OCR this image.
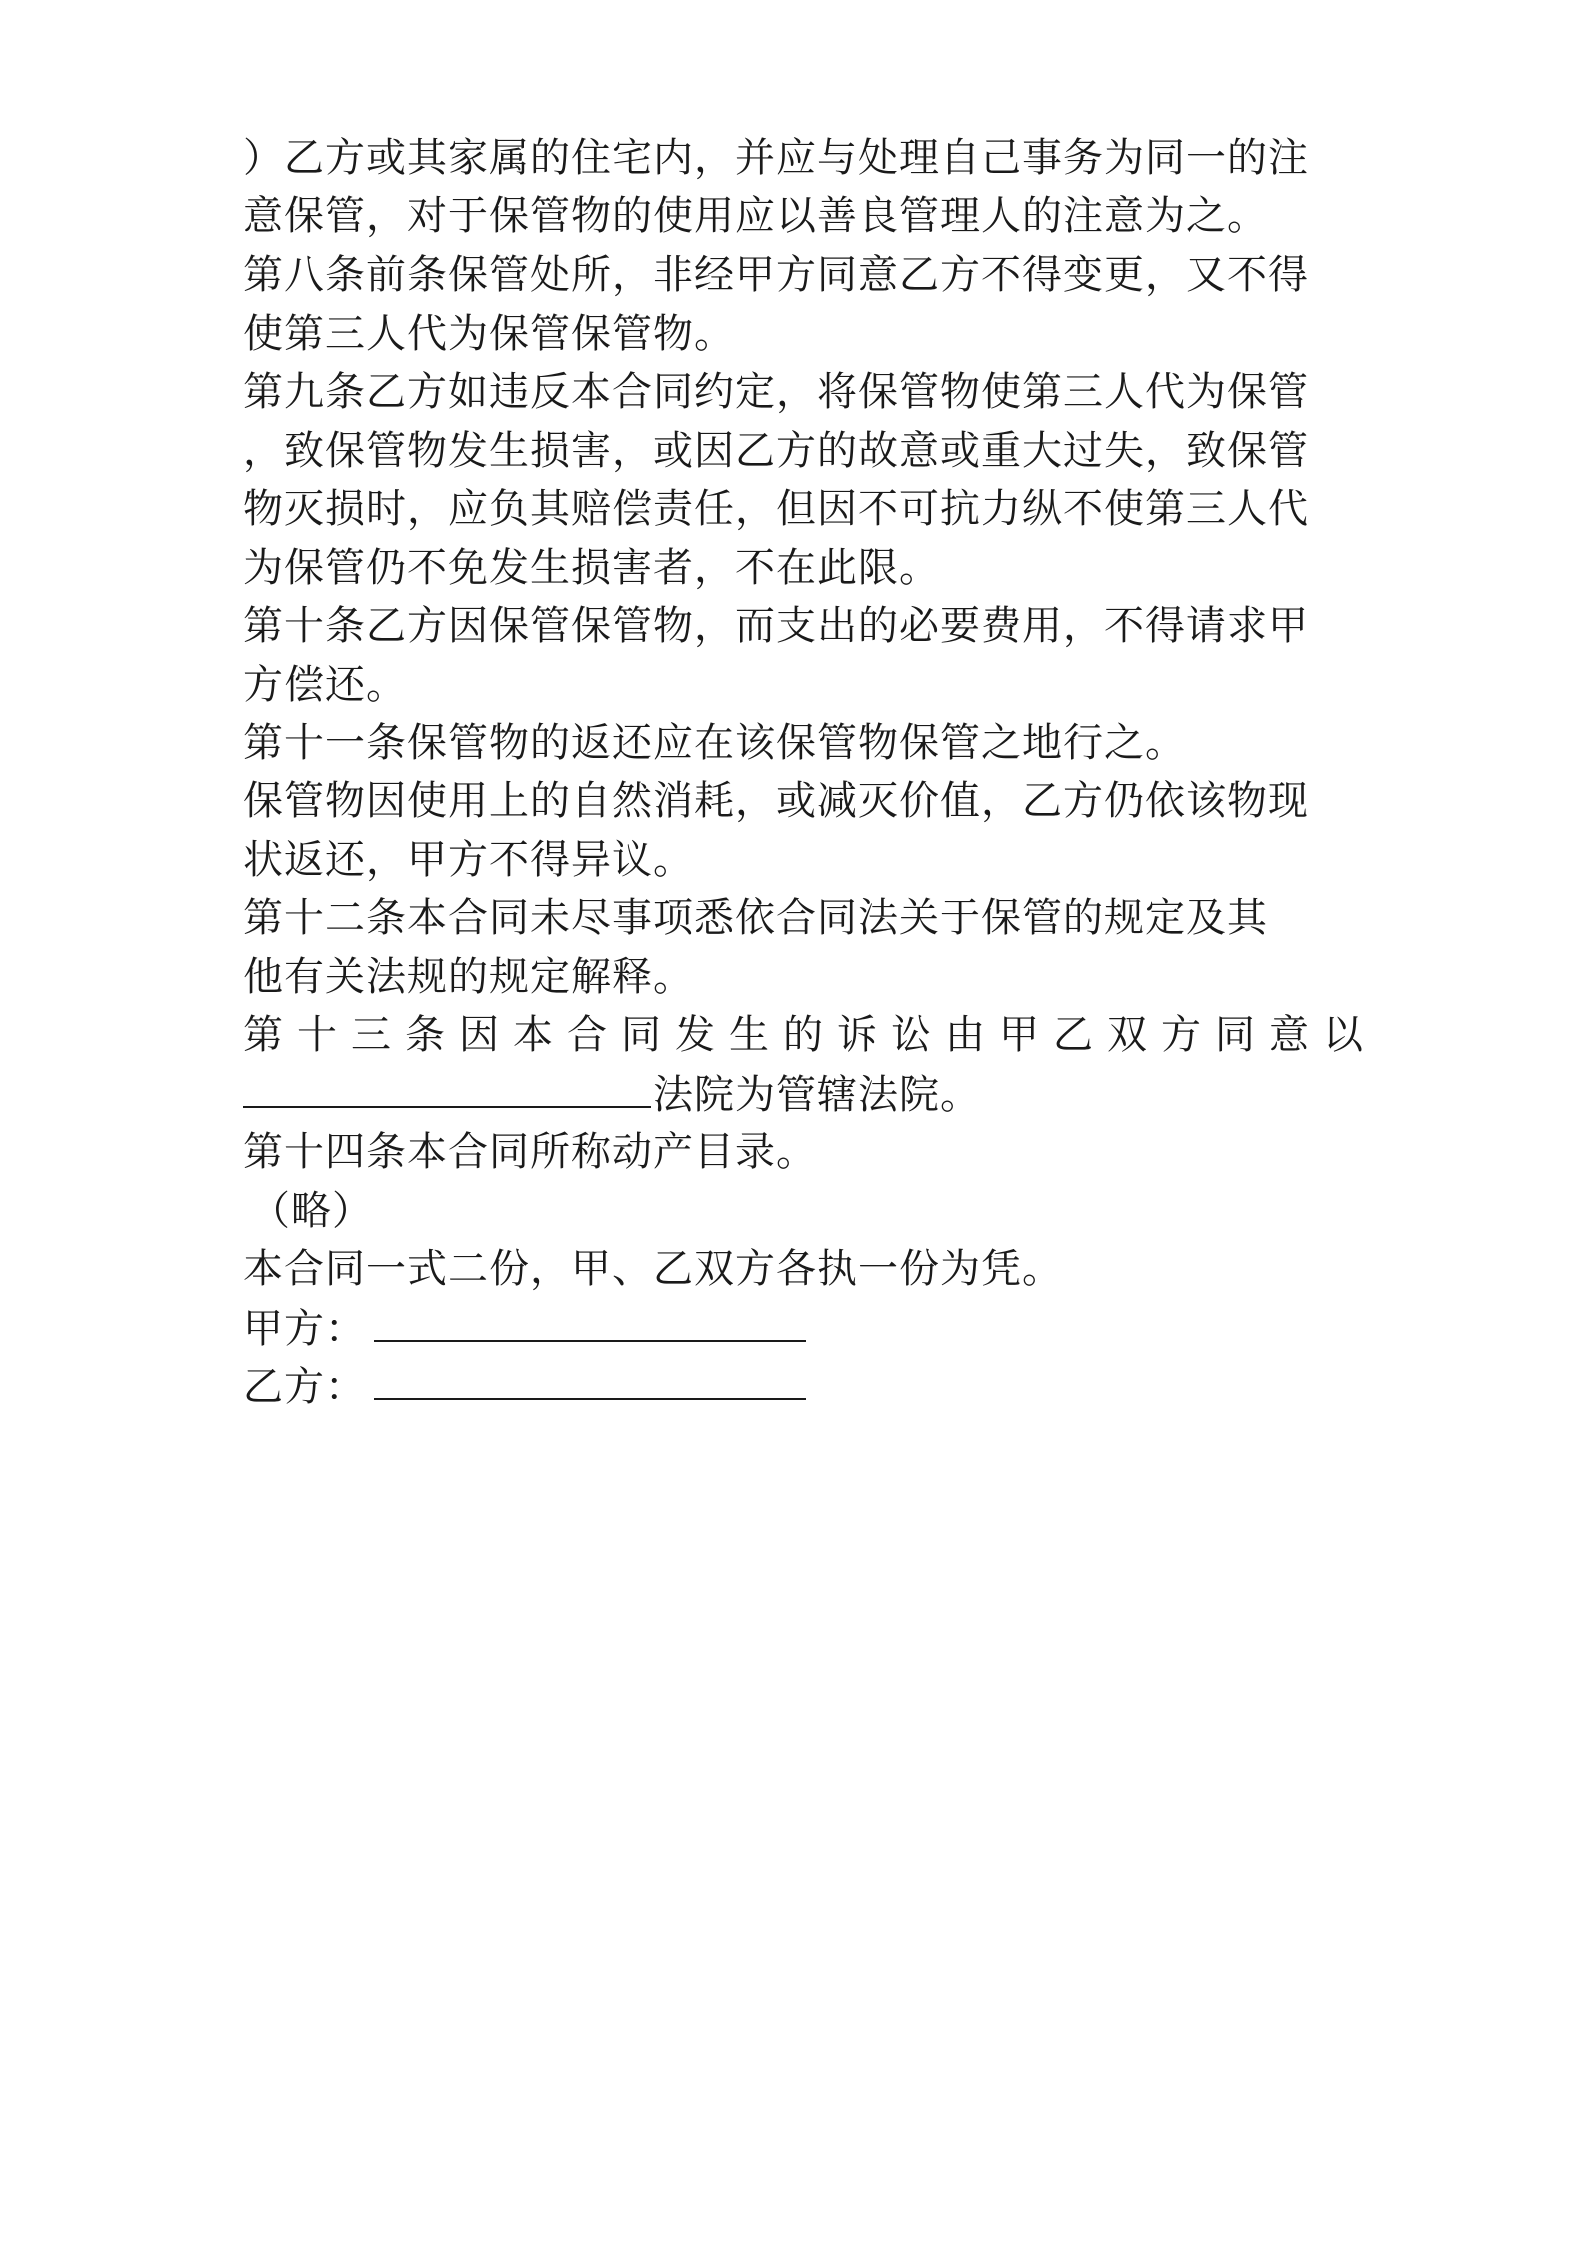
）乙方或其家属的住宅内，并应与处理自己事务为同一的注
意保管，对于保管物的使用应以善良管理人的注意为之。
第八条前条保管处所，非经甲方同意乙方不得变更，又不得
使第三人代为保管保管物。
第九条乙方如违反本合同约定，将保管物使第三人代为保管
，致保管物发生损害，或因乙方的故意或重大过失，致保管
物灭损时，应负其赔偿责任，但因不可抗力纵不使第三人代
为保管仍不免发生损害者，不在此限。
第十条乙方因保管保管物，而支出的必要费用，不得请求甲
方偿还。
第十一条保管物的返还应在该保管物保管之地行之。
保管物因使用上的自然消耗，或减灭价值，乙方仍依该物现
状返还，甲方不得异议。
第十二条本合同未尽事项悉依合同法关于保管的规定及其
他有关法规的规定解释。
第 十 三 条 因 本 合 同 发 生 的 诉 讼 由 甲 乙 双 方 同 意 以
法院为管辖法院。
第十四条本合同所称动产目录。
（略）
本合同一式二份，甲、乙双方各执一份为凭。
甲方：
乙方：
